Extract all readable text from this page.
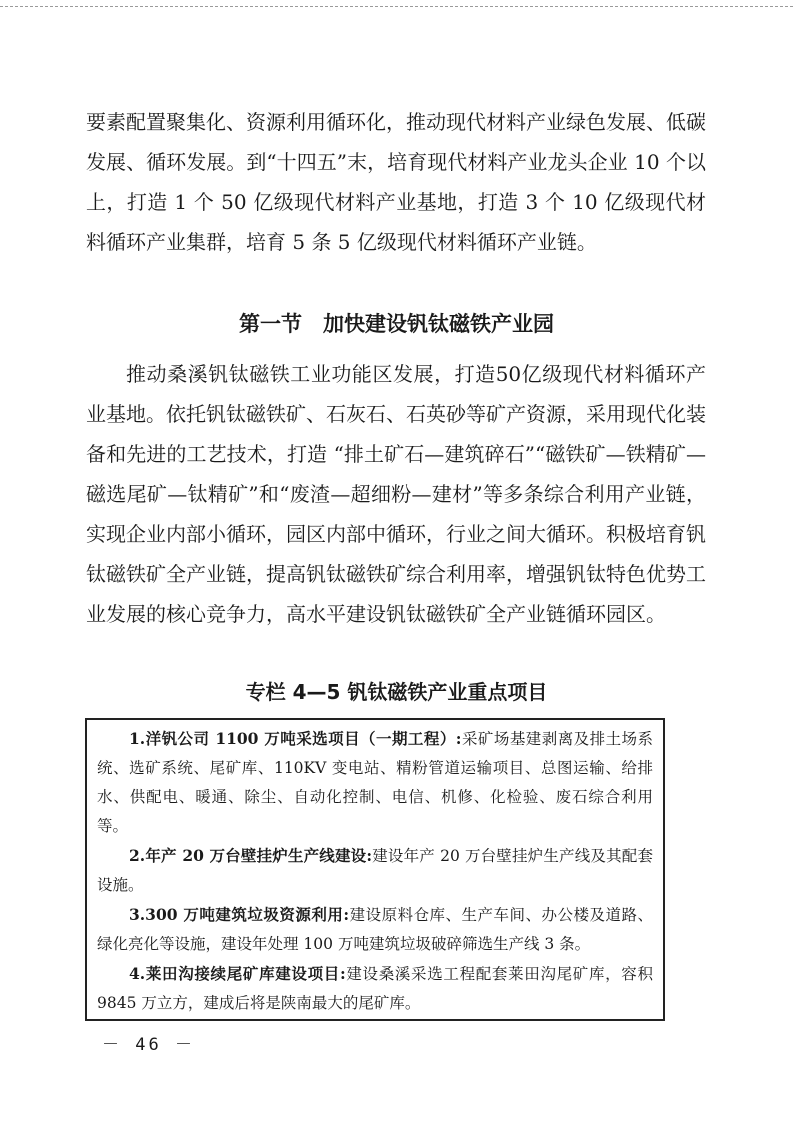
要素配置聚集化、资源利用循环化，推动现代材料产业绿色发展、低碳发展、循环发展。到“十四五”末，培育现代材料产业龙头企业 10 个以上，打造 1 个 50 亿级现代材料产业基地，打造 3 个 10 亿级现代材料循环产业集群，培育 5 条 5 亿级现代材料循环产业链。

第一节　加快建设钒钛磁铁产业园

推动桑溪钒钛磁铁工业功能区发展，打造50亿级现代材料循环产业基地。依托钒钛磁铁矿、石灰石、石英砂等矿产资源，采用现代化装备和先进的工艺技术，打造 “排土矿石—建筑碎石”“磁铁矿—铁精矿—磁选尾矿—钛精矿”和“废渣—超细粉—建材”等多条综合利用产业链，实现企业内部小循环，园区内部中循环，行业之间大循环。积极培育钒钛磁铁矿全产业链，提高钒钛磁铁矿综合利用率，增强钒钛特色优势工业发展的核心竞争力，高水平建设钒钛磁铁矿全产业链循环园区。

专栏 4—5 钒钛磁铁产业重点项目

1.洋钒公司 1100 万吨采选项目（一期工程）:采矿场基建剥离及排土场系统、选矿系统、尾矿库、110KV 变电站、精粉管道运输项目、总图运输、给排水、供配电、暖通、除尘、自动化控制、电信、机修、化检验、废石综合利用等。

2.年产 20 万台壁挂炉生产线建设:建设年产 20 万台壁挂炉生产线及其配套设施。

3.300 万吨建筑垃圾资源利用:建设原料仓库、生产车间、办公楼及道路、绿化亮化等设施，建设年处理 100 万吨建筑垃圾破碎筛选生产线 3 条。

4.莱田沟接续尾矿库建设项目:建设桑溪采选工程配套莱田沟尾矿库，容积 9845 万立方，建成后将是陕南最大的尾矿库。

－ 46 －
